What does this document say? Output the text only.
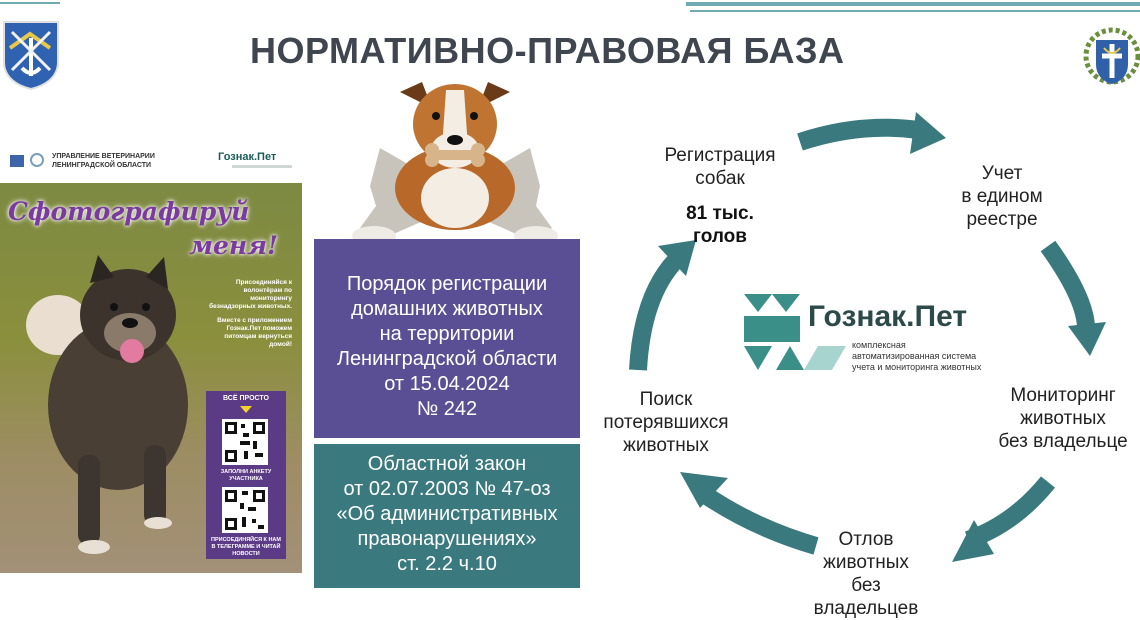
НОРМАТИВНО-ПРАВОВАЯ БАЗА
УПРАВЛЕНИЕ ВЕТЕРИНАРИИ ЛЕНИНГРАДСКОЙ ОБЛАСТИ
Гознак.Пет
Сфотографируй
меня!

Присоединяйся к волонтёрам по мониторингу безнадзорных животных.

Вместе с приложением Гознак.Пет поможем питомцам вернуться домой!

ВСЁ ПРОСТО
ЗАПОЛНИ АНКЕТУ УЧАСТНИКА
ПРИСОЕДИНЯЙСЯ К НАМ В ТЕЛЕГРАММЕ И ЧИТАЙ НОВОСТИ
Порядок регистрации
домашних животных
на территории
Ленинградской области
от 15.04.2024
№ 242
Областной закон
от 02.07.2003 № 47-оз
«Об административных
правонарушениях»
ст. 2.2 ч.10
Регистрация
собак
81 тыс.
голов
Учет
в едином
реестре
Мониторинг
животных
без владельце
Отлов
животных
без
владельцев
Поиск
потерявшихся
животных
Гознак.Пет
комплексная
автоматизированная система
учета и мониторинга животных
